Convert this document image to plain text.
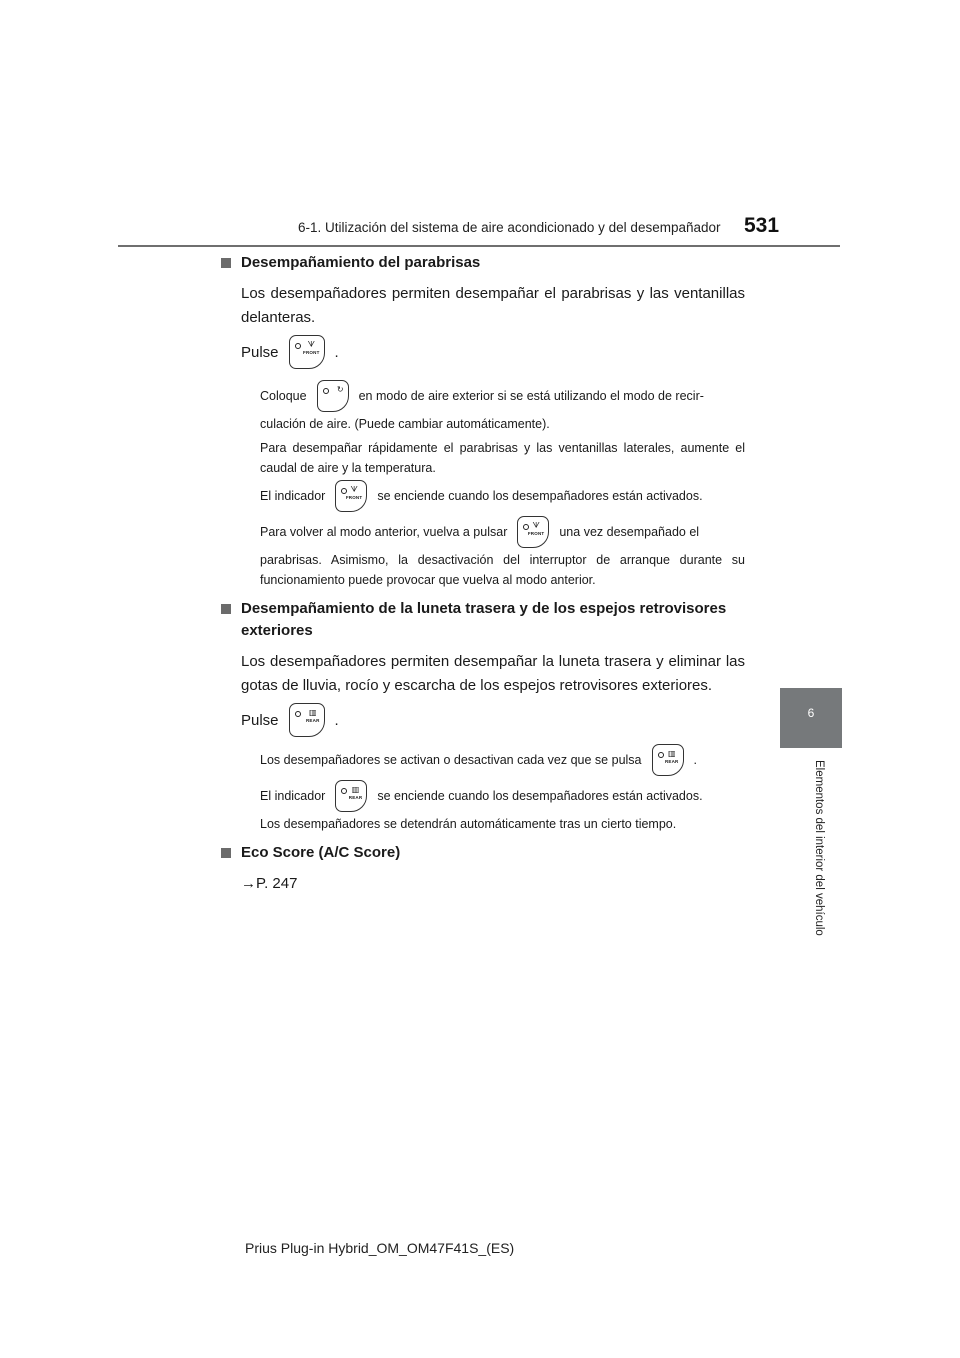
6-1. Utilización del sistema de aire acondicionado y del desempañador 531
6
Elementos del interior del vehículo
Desempañamiento del parabrisas

Los desempañadores permiten desempañar el parabrisas y las ventanillas delanteras.

Pulse	ᗐ
FRONT .
Coloque	↻ en modo de aire exterior si se está utilizando el modo de recir-

culación de aire. (Puede cambiar automáticamente).

Para desempañar rápidamente el parabrisas y las ventanillas laterales, aumente el caudal de aire y la temperatura.

El indicador	ᗐ
FRONT se enciende cuando los desempañadores están activados.
Para volver al modo anterior, vuelva a pulsar	ᗐ
FRONT una vez desempañado el

parabrisas. Asimismo, la desactivación del interruptor de arranque durante su funcionamiento puede provocar que vuelva al modo anterior.

Desempañamiento de la luneta trasera y de los espejos retrovisores exteriores

Los desempañadores permiten desempañar la luneta trasera y eliminar las gotas de lluvia, rocío y escarcha de los espejos retrovisores exteriores.

Pulse	▥
REAR .
Los desempañadores se activan o desactivan cada vez que se pulsa	▥
REAR .
El indicador	▥
REAR se enciende cuando los desempañadores están activados.

Los desempañadores se detendrán automáticamente tras un cierto tiempo.

Eco Score (A/C Score)

→P. 247

Prius Plug-in Hybrid_OM_OM47F41S_(ES)
